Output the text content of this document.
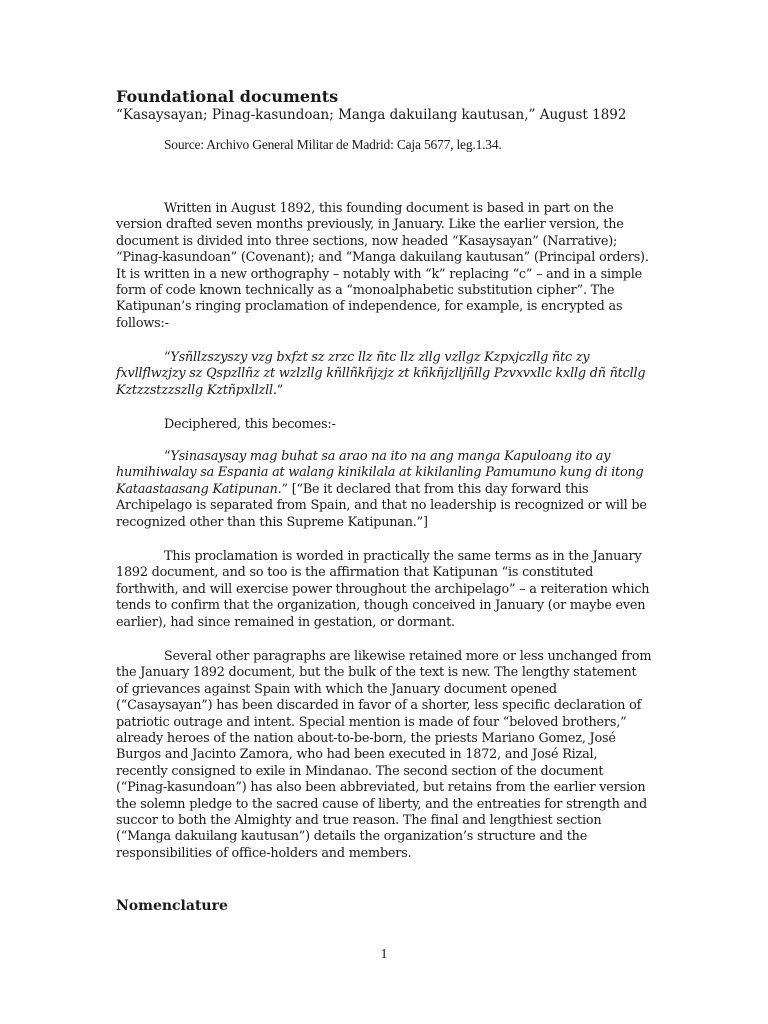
Foundational documents

“Kasaysayan; Pinag-kasundoan; Manga dakuilang kautusan,” August 1892

Source: Archivo General Militar de Madrid: Caja 5677, leg.1.34.

Written in August 1892, this founding document is based in part on the version drafted seven months previously, in January. Like the earlier version, the document is divided into three sections, now headed “Kasaysayan” (Narrative); “Pinag-kasundoan” (Covenant); and “Manga dakuilang kautusan” (Principal orders). It is written in a new orthography – notably with “k” replacing “c” – and in a simple form of code known technically as a “monoalphabetic substitution cipher”. The Katipunan’s ringing proclamation of independence, for example, is encrypted as follows:-

“Ysñllzszyszy vzg bxfzt sz zrzc llz ñtc llz zllg vzllgz Kzpxjczllg ñtc zy fxvllflwzjzy sz Qspzllñz zt wzlzllg kñllñkñjzjz zt kñkñjzlljñllg Pzvxvxllc kxllg dñ ñtcllg Kztzzstzzszllg Kztñpxllzll.”

Deciphered, this becomes:-

“Ysinasaysay mag buhat sa arao na ito na ang manga Kapuloang ito ay humihiwalay sa Espania at walang kinikilala at kikilanling Pamumuno kung di itong Kataastaasang Katipunan.” [“Be it declared that from this day forward this Archipelago is separated from Spain, and that no leadership is recognized or will be recognized other than this Supreme Katipunan.”]

This proclamation is worded in practically the same terms as in the January 1892 document, and so too is the affirmation that Katipunan “is constituted forthwith, and will exercise power throughout the archipelago” – a reiteration which tends to confirm that the organization, though conceived in January (or maybe even earlier), had since remained in gestation, or dormant.

Several other paragraphs are likewise retained more or less unchanged from the January 1892 document, but the bulk of the text is new. The lengthy statement of grievances against Spain with which the January document opened (“Casaysayan”) has been discarded in favor of a shorter, less specific declaration of patriotic outrage and intent. Special mention is made of four “beloved brothers,” already heroes of the nation about-to-be-born, the priests Mariano Gomez, José Burgos and Jacinto Zamora, who had been executed in 1872, and José Rizal, recently consigned to exile in Mindanao. The second section of the document (“Pinag-kasundoan”) has also been abbreviated, but retains from the earlier version the solemn pledge to the sacred cause of liberty, and the entreaties for strength and succor to both the Almighty and true reason. The final and lengthiest section (“Manga dakuilang kautusan”) details the organization’s structure and the responsibilities of office-holders and members.

Nomenclature

1
